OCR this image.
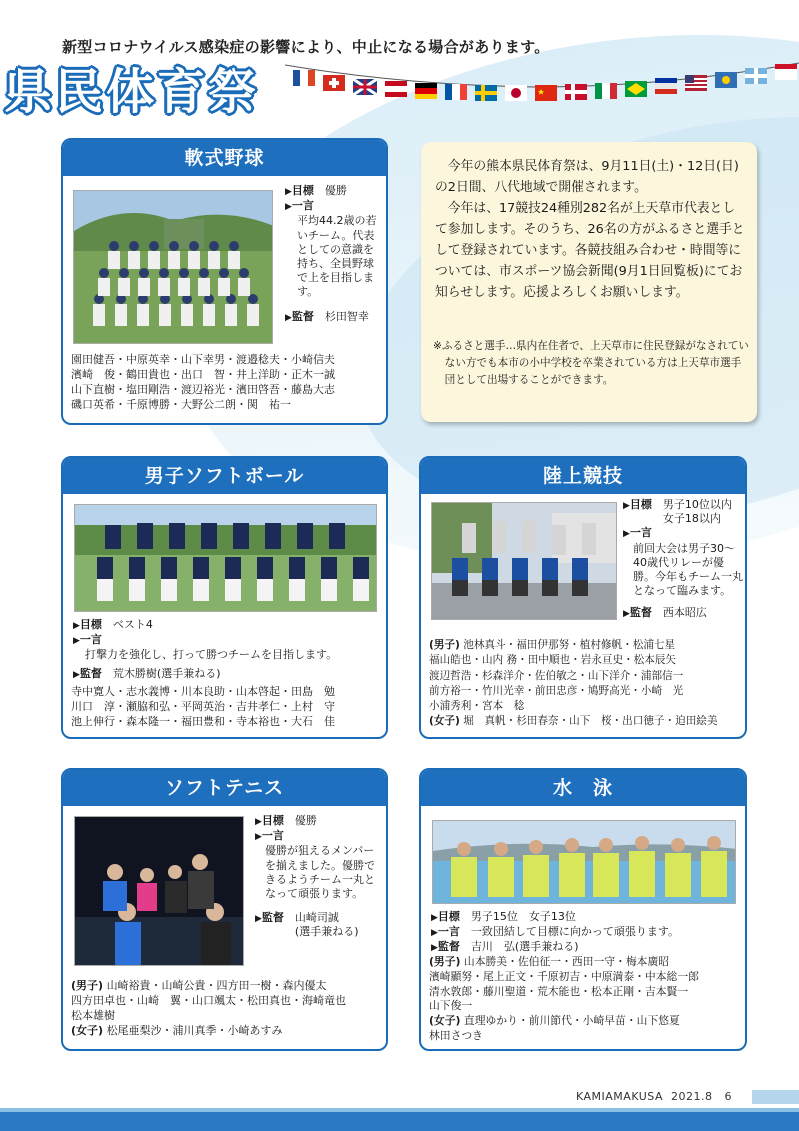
新型コロナウイルス感染症の影響により、中止になる場合があります。
県民体育祭
軟式野球
▶目標　 優勝
▶一言
平均44.2歳の若いチーム。代表としての意識を持ち、全員野球で上を目指します。
▶監督　 杉田智幸
園田健吾・中原英幸・山下幸男・渡邉稔夫・小崎信夫
濱崎　俊・鶴田貴也・出口　智・井上洋助・正木一誠
山下直樹・塩田剛浩・渡辺裕光・濱田啓吾・藤島大志
磯口英希・千原博勝・大野公二朗・関　祐一
今年の熊本県民体育祭は、9月11日(土)・12日(日)の2日間、八代地域で開催されます。
今年は、17競技24種別282名が上天草市代表として参加します。そのうち、26名の方がふるさと選手として登録されています。各競技組み合わせ・時間等については、市スポーツ協会新聞(9月1日回覧板)にてお知らせします。応援よろしくお願いします。
※ふるさと選手…県内在住者で、上天草市に住民登録がなされていない方でも本市の小中学校を卒業されている方は上天草市選手団として出場することができます。
男子ソフトボール
▶目標　 ベスト4
▶一言
打撃力を強化し、打って勝つチームを目指します。
▶監督　 荒木勝樹(選手兼ねる)
寺中寛人・志水義博・川本良助・山本啓起・田島　勉
川口　淳・瀬脇和弘・平岡英治・吉井孝仁・上村　守
池上伸行・森本隆一・福田豊和・寺本裕也・大石　佳
陸上競技
▶目標　	男子10位以内
女子18以内
▶一言
前回大会は男子30～40歳代リレーが優勝。今年もチーム一丸となって臨みます。
▶監督　 西本昭広
(男子) 池林真斗・福田伊那努・植村修帆・松浦七星
福山皓也・山内 務・田中順也・岩永亘史・松本辰矢
渡辺哲浩・杉森洋介・佐伯敏之・山下洋介・浦部信一
前方裕一・竹川光幸・前田忠彦・鳩野高光・小崎　光
小浦秀利・宮本　稔
(女子) 堀　真帆・杉田春奈・山下　桜・出口徳子・迫田絵美
ソフトテニス
▶目標　 優勝
▶一言
優勝が狙えるメンバーを揃えました。優勝できるようチーム一丸となって頑張ります。
▶監督　	山崎司誠
(選手兼ねる)
(男子) 山崎裕貴・山崎公貴・四方田一樹・森内優太
四方田卓也・山崎　翼・山口颯太・松田真也・海崎竜也
松本雄樹
(女子) 松尾亜梨沙・浦川真季・小崎あすみ
水　泳
▶目標　 男子15位　女子13位
▶一言　 一致団結して目標に向かって頑張ります。
▶監督　 吉川　弘(選手兼ねる)
(男子) 山本勝美・佐伯征一・西田一守・梅本廣昭
濱崎顯努・尾上正文・千原初吉・中原満泰・中本総一郎
清水敦郎・藤川聖道・荒木能也・松本正剛・吉本賢一
山下俊一
(女子) 直理ゆかり・前川節代・小崎早苗・山下悠夏
林田さつき
KAMIAMAKUSA 2021.8 6
